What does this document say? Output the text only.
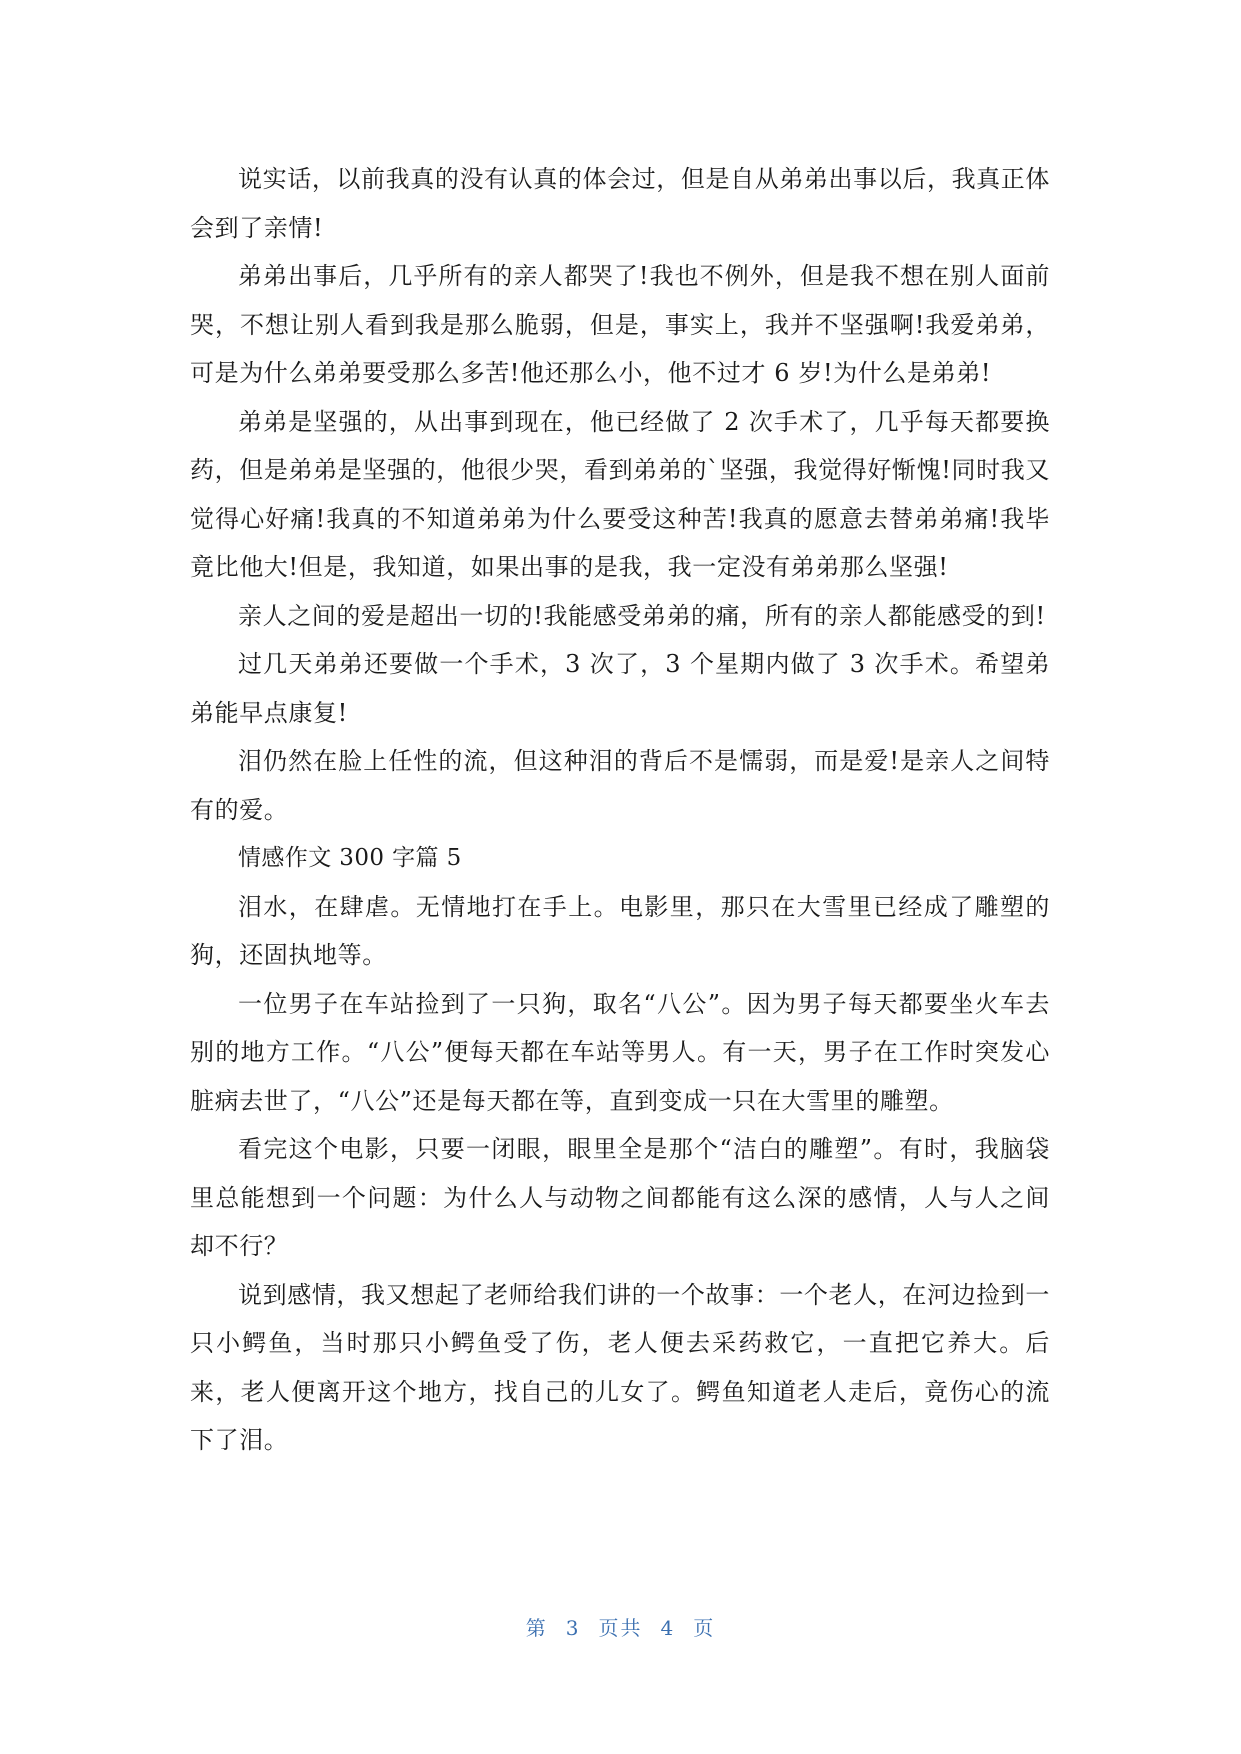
说实话，以前我真的没有认真的体会过，但是自从弟弟出事以后，我真正体会到了亲情!

弟弟出事后，几乎所有的亲人都哭了!我也不例外，但是我不想在别人面前哭，不想让别人看到我是那么脆弱，但是，事实上，我并不坚强啊!我爱弟弟，可是为什么弟弟要受那么多苦!他还那么小，他不过才 6 岁!为什么是弟弟!

弟弟是坚强的，从出事到现在，他已经做了 2 次手术了，几乎每天都要换药，但是弟弟是坚强的，他很少哭，看到弟弟的`坚强，我觉得好惭愧!同时我又觉得心好痛!我真的不知道弟弟为什么要受这种苦!我真的愿意去替弟弟痛!我毕竟比他大!但是，我知道，如果出事的是我，我一定没有弟弟那么坚强!

亲人之间的爱是超出一切的!我能感受弟弟的痛，所有的亲人都能感受的到!

过几天弟弟还要做一个手术，3 次了，3 个星期内做了 3 次手术。希望弟弟能早点康复!

泪仍然在脸上任性的流，但这种泪的背后不是懦弱，而是爱!是亲人之间特有的爱。

情感作文 300 字篇 5

泪水，在肆虐。无情地打在手上。电影里，那只在大雪里已经成了雕塑的狗，还固执地等。

一位男子在车站捡到了一只狗，取名“八公”。因为男子每天都要坐火车去别的地方工作。“八公”便每天都在车站等男人。有一天，男子在工作时突发心脏病去世了，“八公”还是每天都在等，直到变成一只在大雪里的雕塑。

看完这个电影，只要一闭眼，眼里全是那个“洁白的雕塑”。有时，我脑袋里总能想到一个问题：为什么人与动物之间都能有这么深的感情，人与人之间却不行？

说到感情，我又想起了老师给我们讲的一个故事：一个老人，在河边捡到一只小鳄鱼，当时那只小鳄鱼受了伤，老人便去采药救它，一直把它养大。后来，老人便离开这个地方，找自己的儿女了。鳄鱼知道老人走后，竟伤心的流下了泪。

第 3 页共 4 页
